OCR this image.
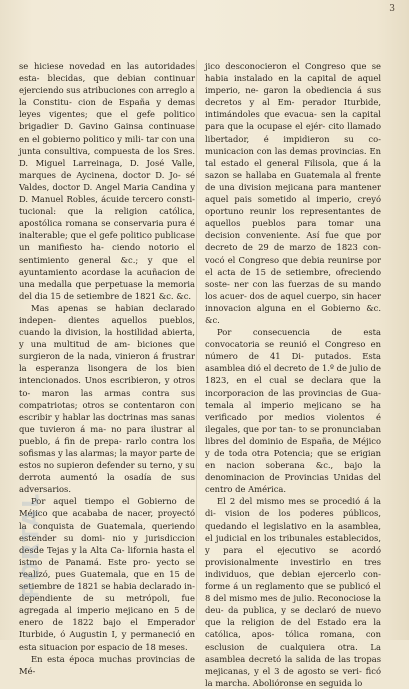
3

se hiciese novedad en las autoridades esta- blecidas, que debian continuar ejerciendo sus atribuciones con arreglo a la Constitu- cion de España y demas leyes vigentes; que el gefe politico brigadier D. Gavino Gainsa continuase en el gobierno politico y mili- tar con una junta consultiva, compuesta de los Sres. D. Miguel Larreinaga, D. José Valle, marques de Aycinena, doctor D. Jo- sé Valdes, doctor D. Angel Maria Candina y D. Manuel Robles, ácuide tercero consti- tucional: que la religion católica, apostólica romana se conservaria pura é inalterable; que el gefe politico publicase un manifiesto ha- ciendo notorio el sentimiento general &c.; y que el ayuntamiento acordase la acuñacion de una medalla que perpetuase la memoria del dia 15 de setiembre de 1821 &c. &c.

Mas apenas se habian declarado indepen- dientes aquellos pueblos, cuando la division, la hostilidad abierta, y una multitud de am- biciones que surgieron de la nada, vinieron á frustrar la esperanza lisongera de los bien intencionados. Unos escribieron, y otros to- maron las armas contra sus compatriotas; otros se contentaron con escribir y hablar las doctrinas mas sanas que tuvieron á ma- no para ilustrar al pueblo, á fin de prepa- rarlo contra los sofismas y las alarmas; la mayor parte de estos no supieron defender su terno, y su derrota aumentó la osadía de sus adversarios.

Por aquel tiempo el Gobierno de Méjico que acababa de nacer, proyectó la conquista de Guatemala, queriendo estender su domi- nio y jurisdiccion desde Tejas y la Alta Ca- lifornia hasta el istmo de Panamá. Este pro- yecto se realizó, pues Guatemala, que en 15 de setiembre de 1821 se habia declarado in- dependiente de su metrópoli, fue agregada al imperio mejicano en 5 de enero de 1822 bajo el Emperador Iturbide, ó Augustin I, y permaneció en esta situacion por espacio de 18 meses.

En esta época muchas provincias de Mé-

jico desconocieron el Congreso que se habia instalado en la capital de aquel imperio, ne- garon la obediencia á sus decretos y al Em- perador Iturbide, intimándoles que evacua- sen la capital para que la ocupase el ejér- cito llamado libertador, é impidieron su co- municacion con las demas provincias. En tal estado el general Filisola, que á la sazon se hallaba en Guatemala al frente de una division mejicana para mantener aquel pais sometido al imperio, creyó oportuno reunir los representantes de aquellos pueblos para tomar una decision conveniente. Así fue que por decreto de 29 de marzo de 1823 con- vocó el Congreso que debia reunirse por el acta de 15 de setiembre, ofreciendo soste- ner con las fuerzas de su mando los acuer- dos de aquel cuerpo, sin hacer innovacion alguna en el Gobierno &c. &c.

Por consecuencia de esta convocatoria se reunió el Congreso en número de 41 Di- putados. Esta asamblea dió el decreto de 1.º de julio de 1823, en el cual se declara que la incorporacion de las provincias de Gua- temala al imperio mejicano se ha verificado por medios violentos é ilegales, que por tan- to se pronunciaban libres del dominio de España, de Méjico y de toda otra Potencia; que se erigian en nacion soberana &c., bajo la denominacion de Provincias Unidas del centro de América.

El 2 del mismo mes se procedió á la di- vision de los poderes públicos, quedando el legislativo en la asamblea, el judicial en los tribunales establecidos, y para el ejecutivo se acordó provisionalmente investirlo en tres individuos, que debian ejercerlo con- forme á un reglamento que se publicó el 8 del mismo mes de julio. Reconociose la deu- da publica, y se declaró de nuevo que la religion de del Estado era la católica, apos- tólica romana, con esclusion de cualquiera otra. La asamblea decretó la salida de las tropas mejicanas, y el 3 de agosto se veri- ficó la marcha. Abolióronse en seguida lo

PORTAL
